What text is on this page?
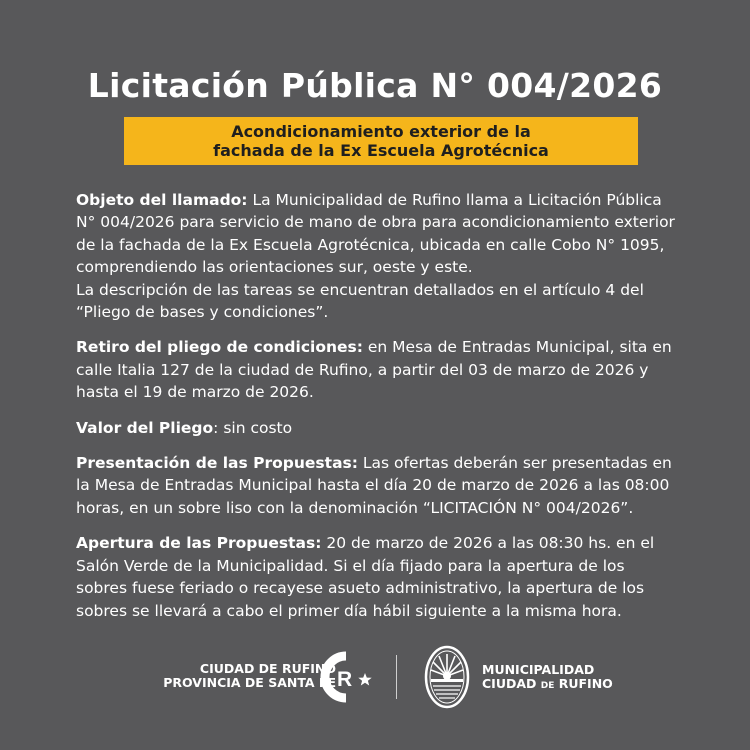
Licitación Pública N° 004/2026
Acondicionamiento exterior de la
fachada de la Ex Escuela Agrotécnica

Objeto del llamado: La Municipalidad de Rufino llama a Licitación Pública N° 004/2026 para servicio de mano de obra para acondicionamiento exterior de la fachada de la Ex Escuela Agrotécnica, ubicada en calle Cobo N° 1095, comprendiendo las orientaciones sur, oeste y este.
La descripción de las tareas se encuentran detallados en el artículo 4 del “Pliego de bases y condiciones”.

Retiro del pliego de condiciones: en Mesa de Entradas Municipal, sita en calle Italia 127 de la ciudad de Rufino, a partir del 03 de marzo de 2026 y hasta el 19 de marzo de 2026.

Valor del Pliego: sin costo

Presentación de las Propuestas: Las ofertas deberán ser presentadas en la Mesa de Entradas Municipal hasta el día 20 de marzo de 2026 a las 08:00 horas, en un sobre liso con la denominación “LICITACIÓN N° 004/2026”.

Apertura de las Propuestas: 20 de marzo de 2026 a las 08:30 hs. en el Salón Verde de la Municipalidad. Si el día fijado para la apertura de los sobres fuese feriado o recayese asueto administrativo, la apertura de los sobres se llevará a cabo el primer día hábil siguiente a la misma hora.

CIUDAD DE RUFINO
PROVINCIA DE SANTA FE R	MUNICIPALIDAD
CIUDAD DE RUFINO
